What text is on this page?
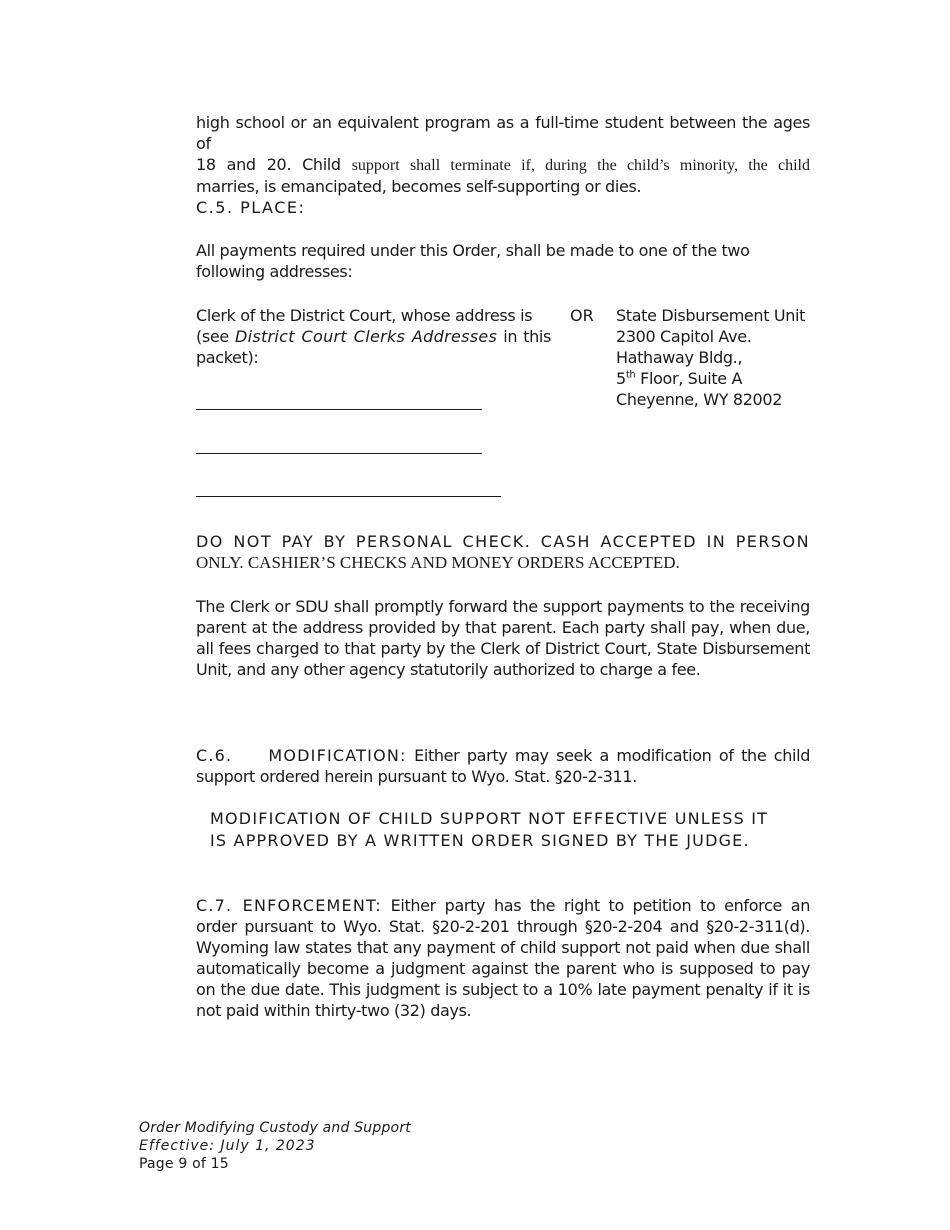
high school or an equivalent program as a full-time student between the ages of
18 and 20. Child support shall terminate if, during the child’s minority, the child
marries, is emancipated, becomes self-supporting or dies.
C.5. PLACE:
All payments required under this Order, shall be made to one of the two following addresses:
Clerk of the District Court, whose address is
(see District Court Clerks Addresses in this packet):
OR State Disbursement Unit
2300 Capitol Ave.
Hathaway Bldg.,
5th Floor, Suite A
Cheyenne, WY 82002
DO NOT PAY BY PERSONAL CHECK. CASH ACCEPTED IN PERSON
ONLY. CASHIER’S CHECKS AND MONEY ORDERS ACCEPTED.
The Clerk or SDU shall promptly forward the support payments to the receiving parent at the address provided by that parent. Each party shall pay, when due, all fees charged to that party by the Clerk of District Court, State Disbursement Unit, and any other agency statutorily authorized to charge a fee.
C.6.    MODIFICATION: Either party may seek a modification of the child support ordered herein pursuant to Wyo. Stat. §20-2-311.
MODIFICATION OF CHILD SUPPORT NOT EFFECTIVE UNLESS IT
IS APPROVED BY A WRITTEN ORDER SIGNED BY THE JUDGE.
C.7. ENFORCEMENT: Either party has the right to petition to enforce an order pursuant to Wyo. Stat. §20-2-201 through §20-2-204 and §20-2-311(d). Wyoming law states that any payment of child support not paid when due shall automatically become a judgment against the parent who is supposed to pay on the due date. This judgment is subject to a 10% late payment penalty if it is not paid within thirty-two (32) days.
Order Modifying Custody and Support
Effective: July 1, 2023
Page 9 of 15
